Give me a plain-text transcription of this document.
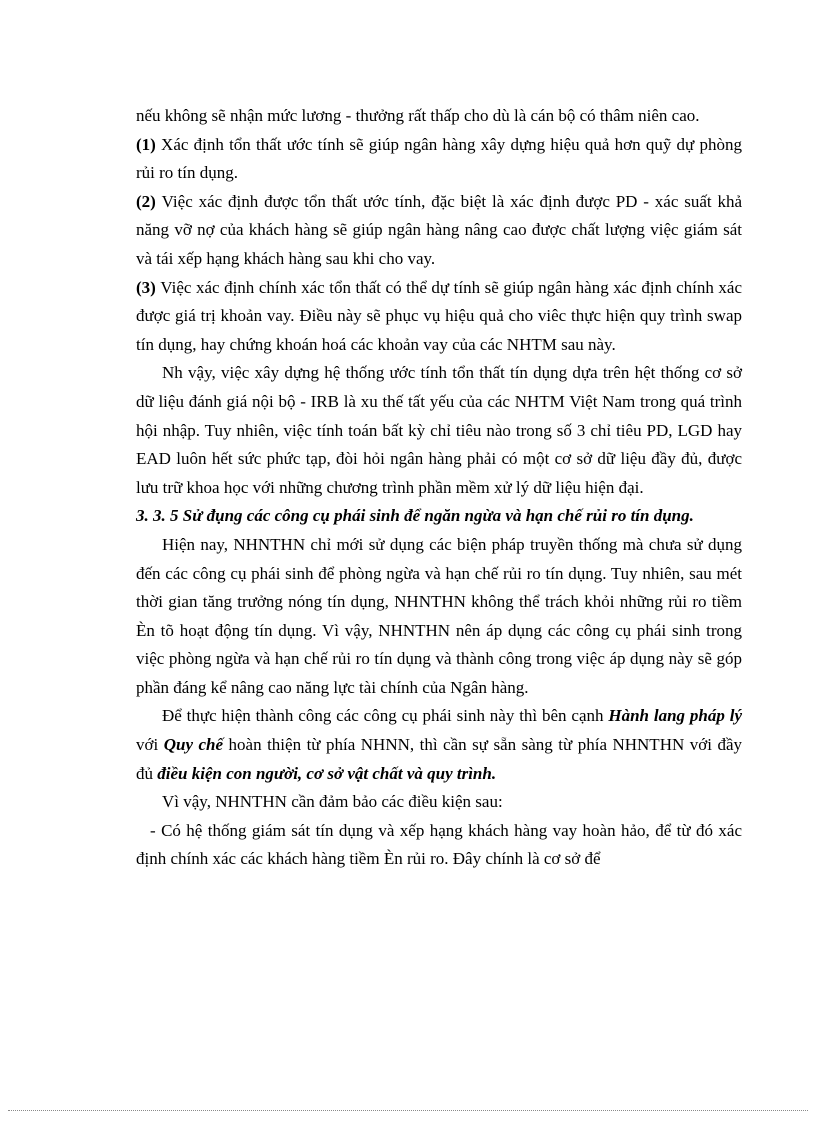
nếu không sẽ nhận mức lương - thưởng rất thấp cho dù là cán bộ có thâm niên cao.

(1) Xác định tổn thất ước tính sẽ giúp ngân hàng xây dựng hiệu quả hơn quỹ dự phòng rủi ro tín dụng.

(2) Việc xác định được tổn thất ước tính, đặc biệt là xác định được PD - xác suất khả năng vỡ nợ của khách hàng sẽ giúp ngân hàng nâng cao được chất lượng việc giám sát và tái xếp hạng khách hàng sau khi cho vay.

(3) Việc xác định chính xác tổn thất có thể dự tính sẽ giúp ngân hàng xác định chính xác được giá trị khoản vay. Điều này sẽ phục vụ hiệu quả cho viêc thực hiện quy trình swap tín dụng, hay chứng khoán hoá các khoản vay của các NHTM sau này.

Nh vậy, việc xây dựng hệ thống ước tính tổn thất tín dụng dựa trên hệt thống cơ sở dữ liệu đánh giá nội bộ - IRB là xu thế tất yếu của các NHTM Việt Nam trong quá trình hội nhập. Tuy nhiên, việc tính toán bất kỳ chỉ tiêu nào trong số 3 chỉ tiêu PD, LGD hay EAD luôn hết sức phức tạp, đòi hỏi ngân hàng phải có một cơ sở dữ liệu đầy đủ, được lưu trữ khoa học với những chương trình phần mềm xử lý dữ liệu hiện đại.

3. 3. 5 Sử đụng các công cụ phái sinh để ngăn ngừa và hạn chế rủi ro tín dụng.

Hiện nay, NHNTHN chỉ mới sử dụng các biện pháp truyền thống mà chưa sử dụng đến các công cụ phái sinh để phòng ngừa và hạn chế rủi ro tín dụng. Tuy nhiên, sau mét thời gian tăng trưởng nóng tín dụng, NHNTHN không thể trách khỏi những rủi ro tiềm Èn tõ hoạt động tín dụng. Vì vậy, NHNTHN nên áp dụng các công cụ phái sinh trong việc phòng ngừa và hạn chế rủi ro tín dụng và thành công trong việc áp dụng này sẽ góp phần đáng kể nâng cao năng lực tài chính của Ngân hàng.

Để thực hiện thành công các công cụ phái sinh này thì bên cạnh Hành lang pháp lý với Quy chế hoàn thiện từ phía NHNN, thì cần sự sẵn sàng từ phía NHNTHN với đầy đủ điều kiện con người, cơ sở vật chất và quy trình.

Vì vậy, NHNTHN cần đảm bảo các điều kiện sau:

- Có hệ thống giám sát tín dụng và xếp hạng khách hàng vay hoàn hảo, để từ đó xác định chính xác các khách hàng tiềm Èn rủi ro. Đây chính là cơ sở để
